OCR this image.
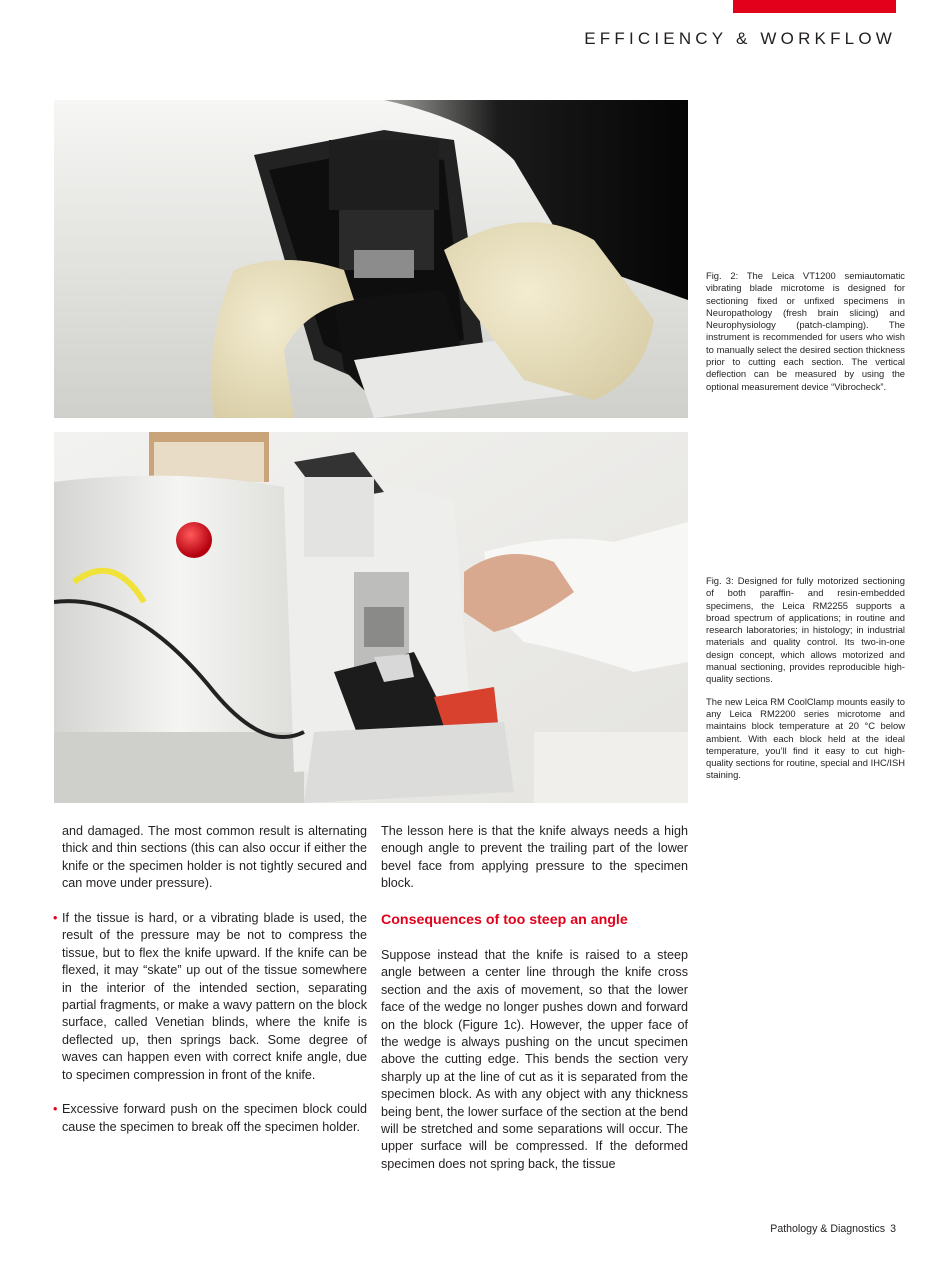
EFFICIENCY & WORKFLOW

Fig. 2: The Leica VT1200 semiautomatic vibrating blade microtome is designed for sectioning fixed or unfixed specimens in Neuropathology (fresh brain slicing) and Neurophysiology (patch-clamping). The instrument is recommended for users who wish to manually select the desired section thickness prior to cutting each section. The vertical deflection can be measured by using the optional measurement device “Vibrocheck”.

Fig. 3: Designed for fully motorized sectioning of both paraffin- and resin-embedded specimens, the Leica RM2255 supports a broad spectrum of applications; in routine and research laboratories; in histology; in industrial materials and quality control. Its two-in-one design concept, which allows motorized and manual sectioning, provides reproducible high-quality sections.

The new Leica RM CoolClamp mounts easily to any Leica RM2200 series microtome and maintains block temperature at 20 °C below ambient. With each block held at the ideal temperature, you’ll find it easy to cut high-quality sections for routine, special and IHC/ISH staining.

and damaged. The most common result is alternating thick and thin sections (this can also occur if either the knife or the specimen holder is not tightly secured and can move under pressure).

• If the tissue is hard, or a vibrating blade is used, the result of the pressure may be not to compress the tissue, but to flex the knife upward. If the knife can be flexed, it may “skate” up out of the tissue somewhere in the interior of the intended section, separating partial fragments, or make a wavy pattern on the block surface, called Venetian blinds, where the knife is deflected up, then springs back. Some degree of waves can happen even with correct knife angle, due to specimen compression in front of the knife.

• Excessive forward push on the specimen block could cause the specimen to break off the specimen holder.

The lesson here is that the knife always needs a high enough angle to prevent the trailing part of the lower bevel face from applying pressure to the specimen block.

Consequences of too steep an angle

Suppose instead that the knife is raised to a steep angle between a center line through the knife cross section and the axis of movement, so that the lower face of the wedge no longer pushes down and forward on the block (Figure 1c). However, the upper face of the wedge is always pushing on the uncut specimen above the cutting edge. This bends the section very sharply up at the line of cut as it is separated from the specimen block. As with any object with any thickness being bent, the lower surface of the section at the bend will be stretched and some separations will occur. The upper surface will be compressed. If the deformed specimen does not spring back, the tissue

Pathology & Diagnostics 3
